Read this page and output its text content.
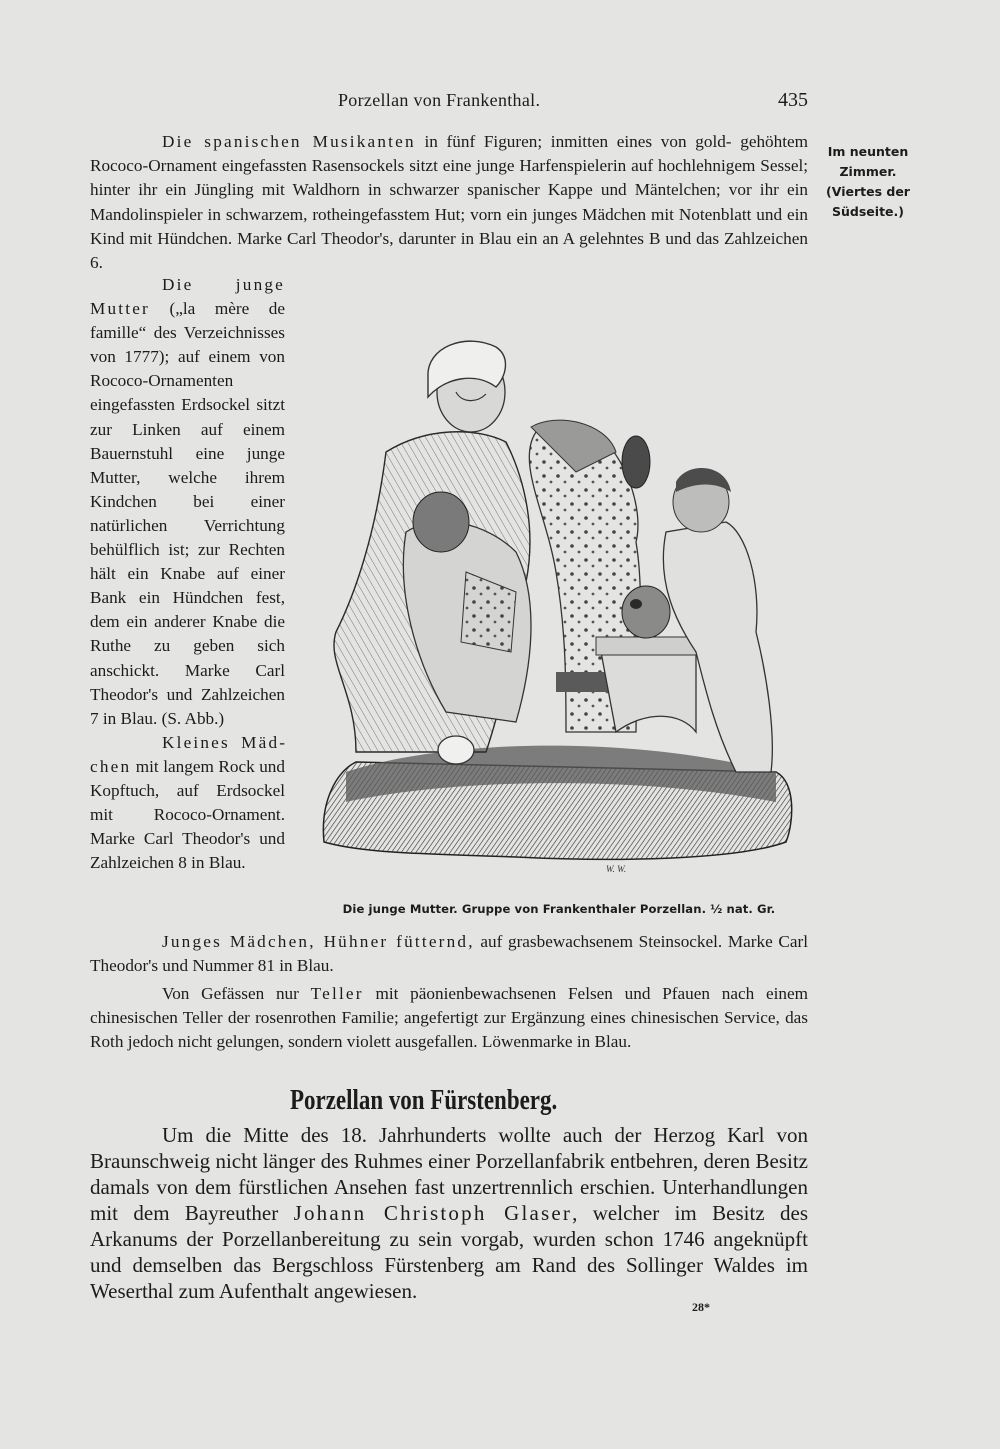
Porzellan von Frankenthal.	435
Im neunten
Zimmer.
(Viertes der
Südseite.)

Die spanischen Musikanten in fünf Figuren; inmitten eines von gold- gehöhtem Rococo-Ornament eingefassten Rasensockels sitzt eine junge Harfenspielerin auf hochlehnigem Sessel; hinter ihr ein Jüngling mit Waldhorn in schwarzer spanischer Kappe und Mäntelchen; vor ihr ein Mandolinspieler in schwarzem, rotheingefasstem Hut; vorn ein junges Mädchen mit Notenblatt und ein Kind mit Hündchen. Marke Carl Theodor's, darunter in Blau ein an A gelehntes B und das Zahlzeichen 6.

Die junge Mutter („la mère de famille“ des Verzeichnisses von 1777); auf einem von Rococo-Ornamenten eingefassten Erdsockel sitzt zur Linken auf einem Bauernstuhl eine junge Mutter, welche ihrem Kindchen bei einer natürlichen Verrichtung behülflich ist; zur Rechten hält ein Knabe auf einer Bank ein Hündchen fest, dem ein anderer Knabe die Ruthe zu geben sich anschickt. Marke Carl Theodor's und Zahlzeichen 7 in Blau. (S. Abb.)

Kleines Mädchen mit langem Rock und Kopftuch, auf Erdsockel mit Rococo-Ornament. Marke Carl Theodor's und Zahlzeichen 8 in Blau.	W. W.
Die junge Mutter. Gruppe von Frankenthaler Porzellan. ½ nat. Gr.

Junges Mädchen, Hühner fütternd, auf grasbewachsenem Steinsockel. Marke Carl Theodor's und Nummer 81 in Blau.

Von Gefässen nur Teller mit päonienbewachsenen Felsen und Pfauen nach einem chinesischen Teller der rosenrothen Familie; angefertigt zur Ergänzung eines chinesischen Service, das Roth jedoch nicht gelungen, sondern violett ausgefallen. Löwenmarke in Blau.

Porzellan von Fürstenberg.

Um die Mitte des 18. Jahrhunderts wollte auch der Herzog Karl von Braunschweig nicht länger des Ruhmes einer Porzellanfabrik entbehren, deren Besitz damals von dem fürstlichen Ansehen fast unzertrennlich erschien. Unterhandlungen mit dem Bayreuther Johann Christoph Glaser, welcher im Besitz des Arkanums der Porzellanbereitung zu sein vorgab, wurden schon 1746 angeknüpft und demselben das Bergschloss Fürstenberg am Rand des Sollinger Waldes im Weserthal zum Aufenthalt angewiesen.

28*
